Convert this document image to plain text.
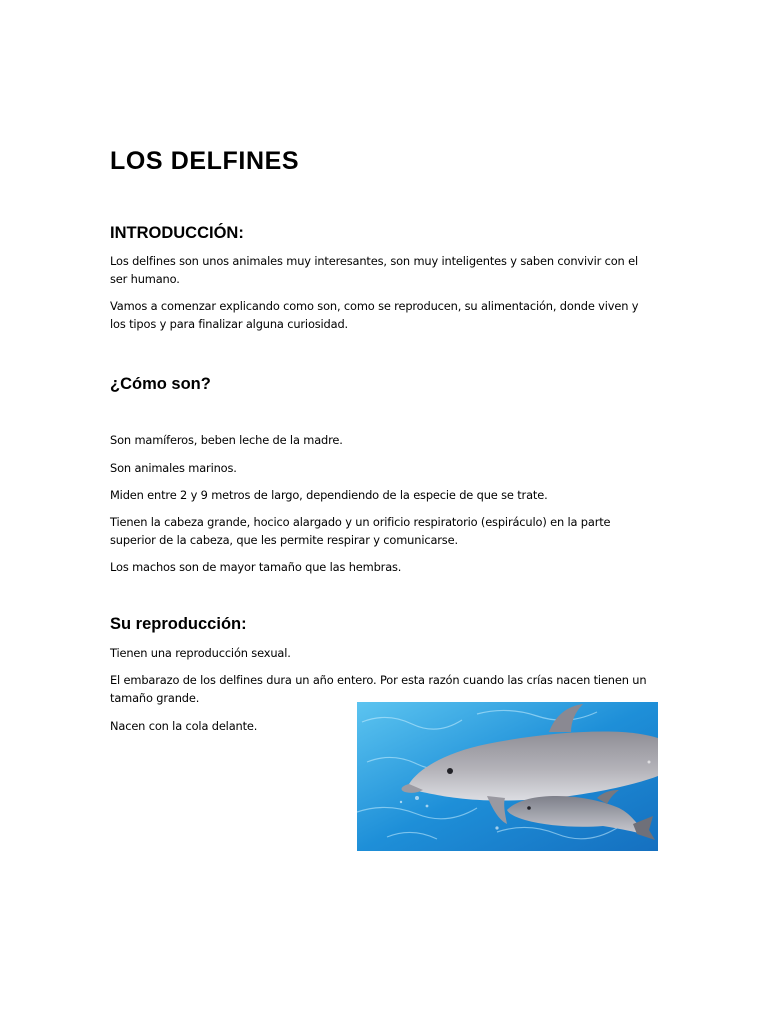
LOS DELFINES
INTRODUCCIÓN:

Los delfines son unos animales muy interesantes, son muy inteligentes y saben convivir con el ser humano.

Vamos a comenzar explicando como son, como se reproducen, su alimentación, donde viven y los tipos y para finalizar alguna curiosidad.

¿Cómo son?

Son mamíferos, beben leche de la madre.

Son animales marinos.

Miden entre 2 y 9 metros de largo, dependiendo de la especie de que se trate.

Tienen la cabeza grande, hocico alargado y un orificio respiratorio (espiráculo) en la parte superior de la cabeza, que les permite respirar y comunicarse.

Los machos son de mayor tamaño que las hembras.

Su reproducción:

Tienen una reproducción sexual.

El embarazo de los delfines dura un año entero. Por esta razón cuando las crías nacen tienen un tamaño grande.

Nacen con la cola delante.
